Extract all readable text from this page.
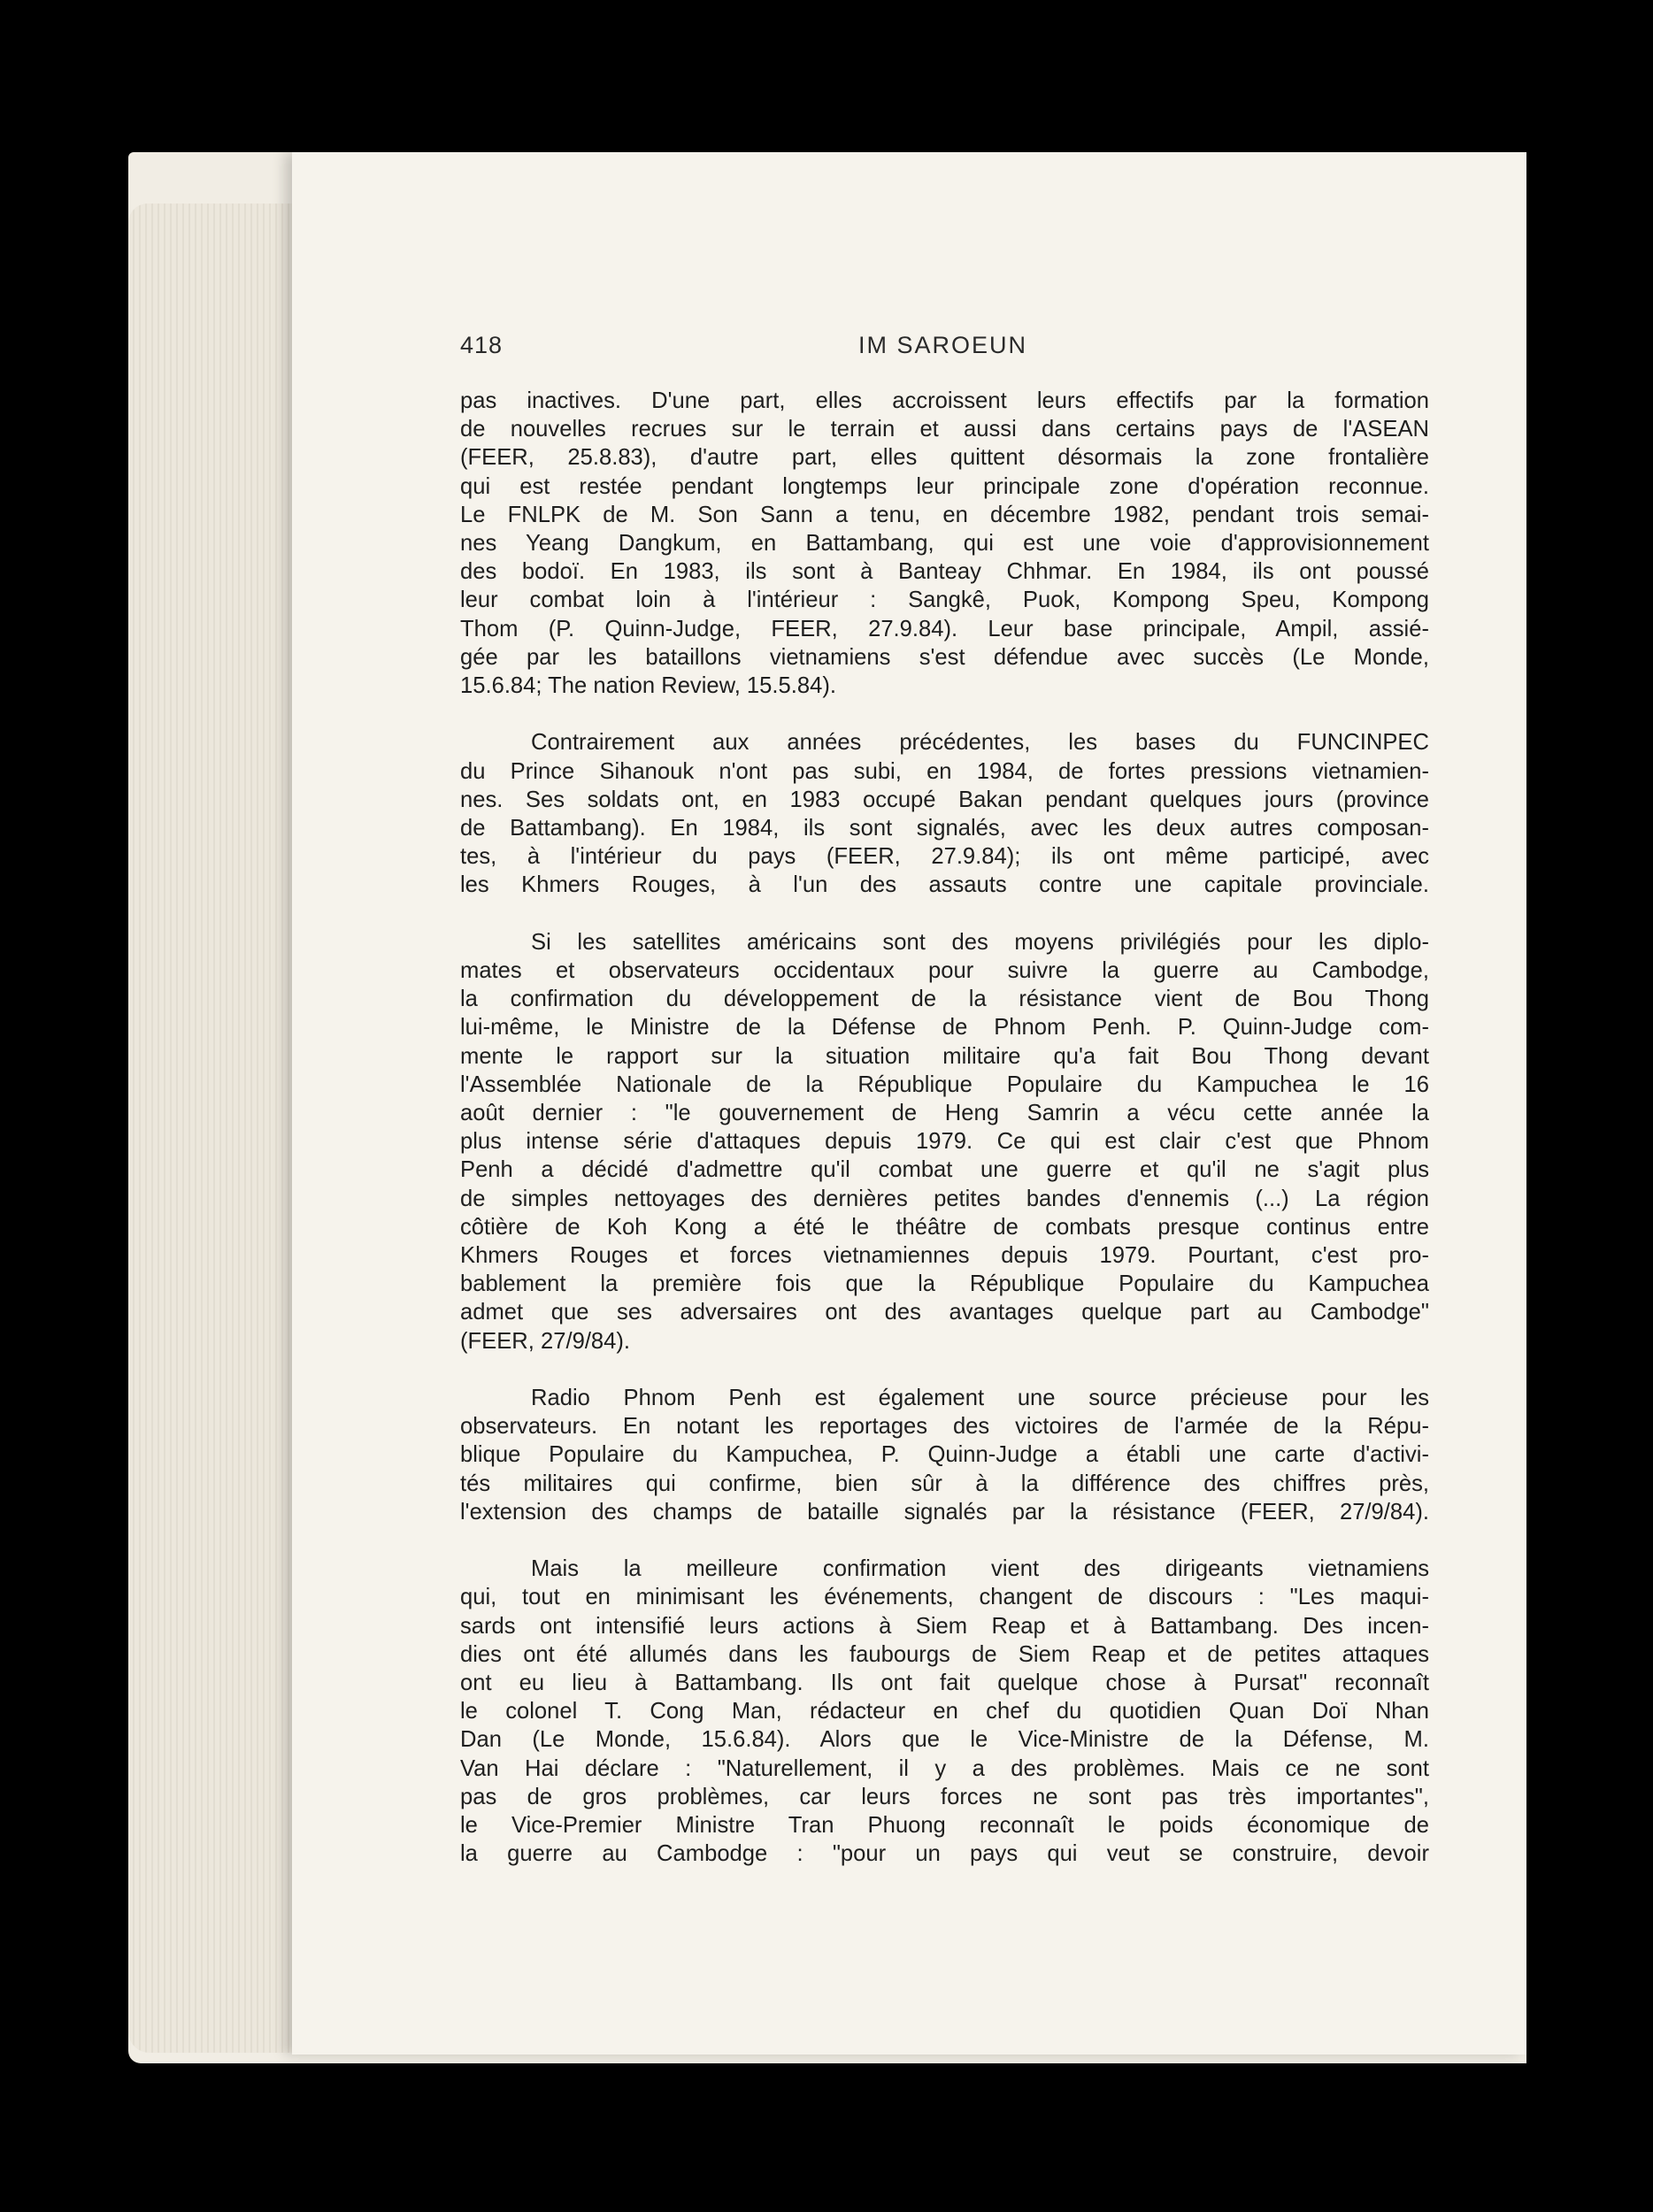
418	IM SAROEUN
pas inactives. D'une part, elles accroissent leurs effectifs par la formation
de nouvelles recrues sur le terrain et aussi dans certains pays de l'ASEAN
(FEER, 25.8.83), d'autre part, elles quittent désormais la zone frontalière
qui est restée pendant longtemps leur principale zone d'opération reconnue.
Le FNLPK de M. Son Sann a tenu, en décembre 1982, pendant trois semai-
nes Yeang Dangkum, en Battambang, qui est une voie d'approvisionnement
des bodoï. En 1983, ils sont à Banteay Chhmar. En 1984, ils ont poussé
leur combat loin à l'intérieur : Sangkê, Puok, Kompong Speu, Kompong
Thom (P. Quinn-Judge, FEER, 27.9.84). Leur base principale, Ampil, assié-
gée par les bataillons vietnamiens s'est défendue avec succès (Le Monde,
15.6.84; The nation Review, 15.5.84).
Contrairement aux années précédentes, les bases du FUNCINPEC
du Prince Sihanouk n'ont pas subi, en 1984, de fortes pressions vietnamien-
nes. Ses soldats ont, en 1983 occupé Bakan pendant quelques jours (province
de Battambang). En 1984, ils sont signalés, avec les deux autres composan-
tes, à l'intérieur du pays (FEER, 27.9.84); ils ont même participé, avec
les Khmers Rouges, à l'un des assauts contre une capitale provinciale.
Si les satellites américains sont des moyens privilégiés pour les diplo-
mates et observateurs occidentaux pour suivre la guerre au Cambodge,
la confirmation du développement de la résistance vient de Bou Thong
lui-même, le Ministre de la Défense de Phnom Penh. P. Quinn-Judge com-
mente le rapport sur la situation militaire qu'a fait Bou Thong devant
l'Assemblée Nationale de la République Populaire du Kampuchea le 16
août dernier : "le gouvernement de Heng Samrin a vécu cette année la
plus intense série d'attaques depuis 1979. Ce qui est clair c'est que Phnom
Penh a décidé d'admettre qu'il combat une guerre et qu'il ne s'agit plus
de simples nettoyages des dernières petites bandes d'ennemis (...) La région
côtière de Koh Kong a été le théâtre de combats presque continus entre
Khmers Rouges et forces vietnamiennes depuis 1979. Pourtant, c'est pro-
bablement la première fois que la République Populaire du Kampuchea
admet que ses adversaires ont des avantages quelque part au Cambodge"
(FEER, 27/9/84).
Radio Phnom Penh est également une source précieuse pour les
observateurs. En notant les reportages des victoires de l'armée de la Répu-
blique Populaire du Kampuchea, P. Quinn-Judge a établi une carte d'activi-
tés militaires qui confirme, bien sûr à la différence des chiffres près,
l'extension des champs de bataille signalés par la résistance (FEER, 27/9/84).
Mais la meilleure confirmation vient des dirigeants vietnamiens
qui, tout en minimisant les événements, changent de discours : "Les maqui-
sards ont intensifié leurs actions à Siem Reap et à Battambang. Des incen-
dies ont été allumés dans les faubourgs de Siem Reap et de petites attaques
ont eu lieu à Battambang. Ils ont fait quelque chose à Pursat" reconnaît
le colonel T. Cong Man, rédacteur en chef du quotidien Quan Doï Nhan
Dan (Le Monde, 15.6.84). Alors que le Vice-Ministre de la Défense, M.
Van Hai déclare : "Naturellement, il y a des problèmes. Mais ce ne sont
pas de gros problèmes, car leurs forces ne sont pas très importantes",
le Vice-Premier Ministre Tran Phuong reconnaît le poids économique de
la guerre au Cambodge : "pour un pays qui veut se construire, devoir
